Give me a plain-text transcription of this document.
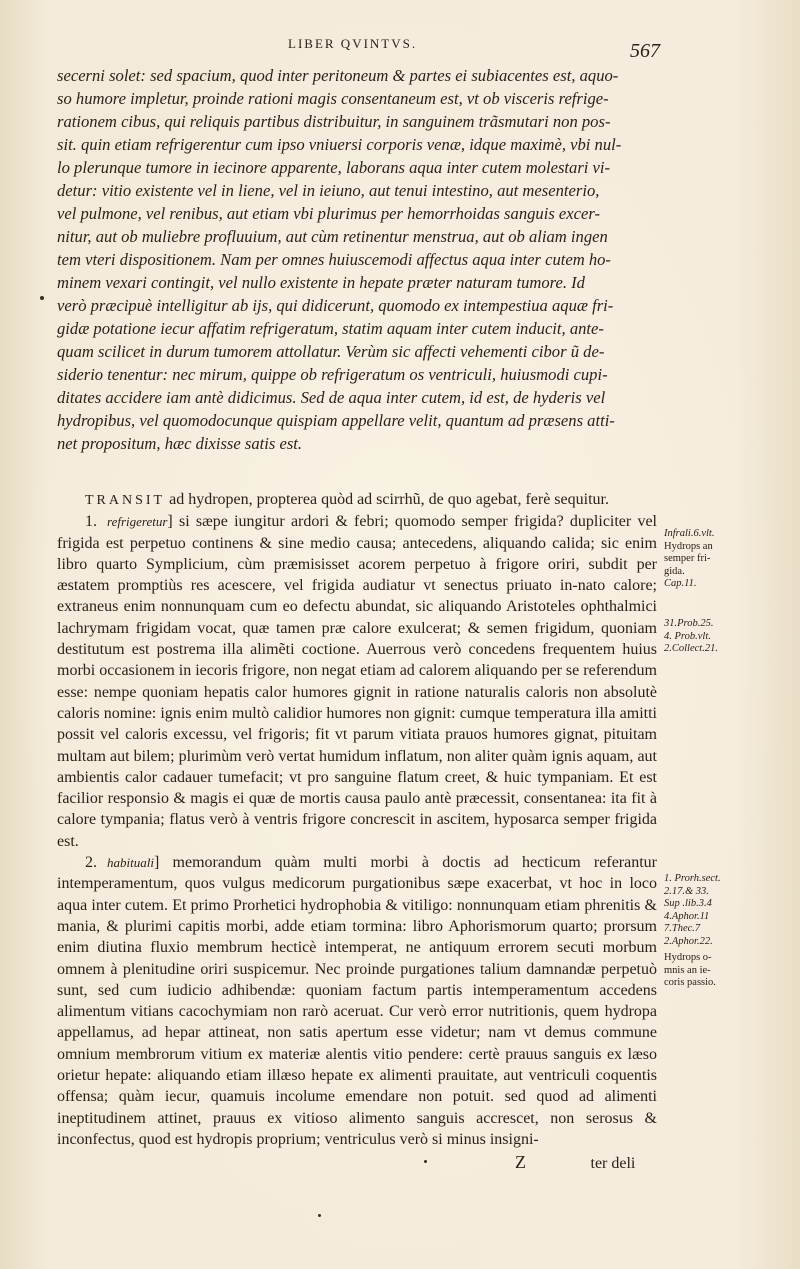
LIBER QVINTVS.	567

secerni solet: sed spacium, quod inter peritoneum & partes ei subiacentes est, aquo-

so humore impletur, proinde rationi magis consentaneum est, vt ob visceris refrige-

rationem cibus, qui reliquis partibus distribuitur, in sanguinem trãsmutari non pos-

sit. quin etiam refrigerentur cum ipso vniuersi corporis venæ, idque maximè, vbi nul-

lo plerunque tumore in iecinore apparente, laborans aqua inter cutem molestari vi-

detur: vitio existente vel in liene, vel in ieiuno, aut tenui intestino, aut mesenterio,

vel pulmone, vel renibus, aut etiam vbi plurimus per hemorrhoidas sanguis excer-

nitur, aut ob muliebre profluuium, aut cùm retinentur menstrua, aut ob aliam ingen

tem vteri dispositionem. Nam per omnes huiuscemodi affectus aqua inter cutem ho-

minem vexari contingit, vel nullo existente in hepate præter naturam tumore. Id

verò præcipuè intelligitur ab ijs, qui didicerunt, quomodo ex intempestiua aquæ fri-

gidæ potatione iecur affatim refrigeratum, statim aquam inter cutem inducit, ante-

quam scilicet in durum tumorem attollatur. Verùm sic affecti vehementi cibor ũ de-

siderio tenentur: nec mirum, quippe ob refrigeratum os ventriculi, huiusmodi cupi-

ditates accidere iam antè didicimus. Sed de aqua inter cutem, id est, de hyderis vel

hydropibus, vel quomodocunque quispiam appellare velit, quantum ad præsens atti-

net propositum, hæc dixisse satis est.

TRANSIT ad hydropen, propterea quòd ad scirrhũ, de quo agebat, ferè sequitur.

1. refrigeretur] si sæpe iungitur ardori & febri; quomodo semper frigida? dupliciter vel frigida est perpetuo continens & sine medio causa; antecedens, aliquando calida; sic enim libro quarto Symplicium, cùm præmisisset acorem perpetuo à frigore oriri, subdit per æstatem promptiùs res acescere, vel frigida audiatur vt senectus priuato in-nato calore; extraneus enim nonnunquam cum eo defectu abundat, sic aliquando Aristoteles ophthalmici lachrymam frigidam vocat, quæ tamen præ calore exulcerat; & semen frigidum, quoniam destitutum est postrema illa alimẽti coctione. Auerrous verò concedens frequentem huius morbi occasionem in iecoris frigore, non negat etiam ad calorem aliquando per se referendum esse: nempe quoniam hepatis calor humores gignit in ratione naturalis caloris non absolutè caloris nomine: ignis enim multò calidior humores non gignit: cumque temperatura illa amitti possit vel caloris excessu, vel frigoris; fit vt parum vitiata prauos humores gignat, pituitam multam aut bilem; plurimùm verò vertat humidum inflatum, non aliter quàm ignis aquam, aut ambientis calor cadauer tumefacit; vt pro sanguine flatum creet, & huic tympaniam. Et est facilior responsio & magis ei quæ de mortis causa paulo antè præcessit, consentanea: ita fit à calore tympania; flatus verò à ventris frigore concrescit in ascitem, hyposarca semper frigida est.

2. habituali] memorandum quàm multi morbi à doctis ad hecticum referantur intemperamentum, quos vulgus medicorum purgationibus sæpe exacerbat, vt hoc in loco aqua inter cutem. Et primo Prorhetici hydrophobia & vitiligo: nonnunquam etiam phrenitis & mania, & plurimi capitis morbi, adde etiam tormina: libro Aphorismorum quarto; prorsum enim diutina fluxio membrum hecticè intemperat, ne antiquum errorem secuti morbum omnem à plenitudine oriri suspicemur. Nec proinde purgationes talium damnandæ perpetuò sunt, sed cum iudicio adhibendæ: quoniam factum partis intemperamentum accedens alimentum vitians cacochymiam non rarò aceruat. Cur verò error nutritionis, quem hydropa appellamus, ad hepar attineat, non satis apertum esse videtur; nam vt demus commune omnium membrorum vitium ex materiæ alentis vitio pendere: certè prauus sanguis ex læso orietur hepate: aliquando etiam illæso hepate ex alimenti prauitate, aut ventriculi coquentis offensa; quàm iecur, quamuis incolume emendare non potuit. sed quod ad alimenti ineptitudinem attinet, prauus ex vitioso alimento sanguis accrescet, non serosus & inconfectus, quod est hydropis proprium; ventriculus verò si minus insigni-

Infrali.6.vlt.
Hydrops an
semper fri-
gida.
Cap.11.
31.Prob.25.
4. Prob.vlt.
2.Collect.21.
1. Prorh.sect.
2.17.& 33.
Sup .lib.3.4
4.Aphor.11
7.Thec.7
2.Aphor.22.
Hydrops o-
mnis an ie-
coris passio.
Z	ter deli
